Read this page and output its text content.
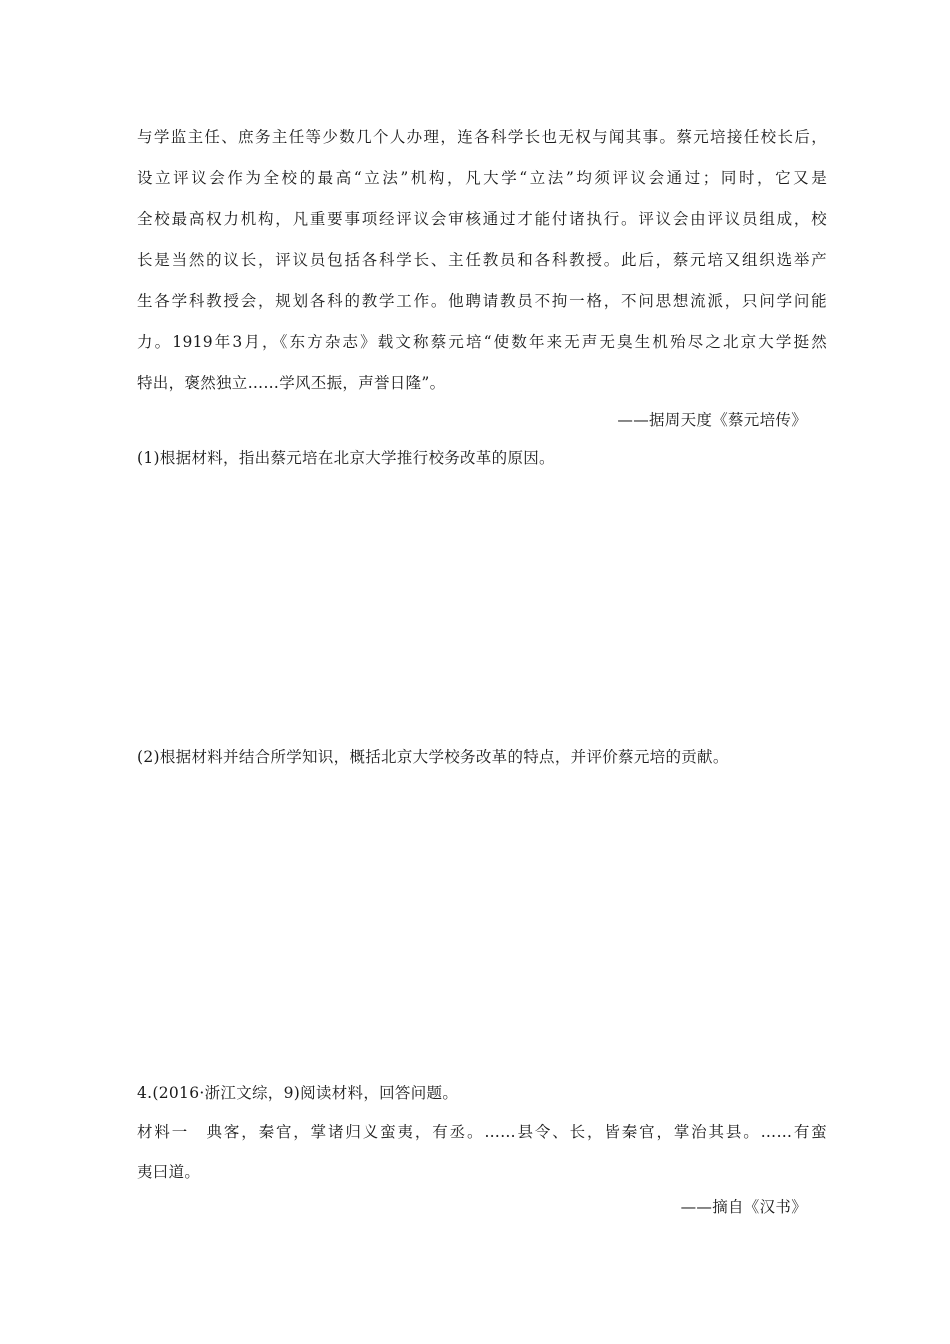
与学监主任、庶务主任等少数几个人办理，连各科学长也无权与闻其事。蔡元培接任校长后，
设立评议会作为全校的最高“立法”机构，凡大学“立法”均须评议会通过；同时，它又是
全校最高权力机构，凡重要事项经评议会审核通过才能付诸执行。评议会由评议员组成，校
长是当然的议长，评议员包括各科学长、主任教员和各科教授。此后，蔡元培又组织选举产
生各学科教授会，规划各科的教学工作。他聘请教员不拘一格，不问思想流派，只问学问能
力。1919年3月，《东方杂志》载文称蔡元培“使数年来无声无臭生机殆尽之北京大学挺然
特出，褒然独立……学风丕振，声誉日隆”。
——据周天度《蔡元培传》
(1)根据材料，指出蔡元培在北京大学推行校务改革的原因。
(2)根据材料并结合所学知识，概括北京大学校务改革的特点，并评价蔡元培的贡献。
4.(2016·浙江文综，9)阅读材料，回答问题。
材料一　典客，秦官，掌诸归义蛮夷，有丞。……县令、长，皆秦官，掌治其县。……有蛮
夷曰道。
——摘自《汉书》
